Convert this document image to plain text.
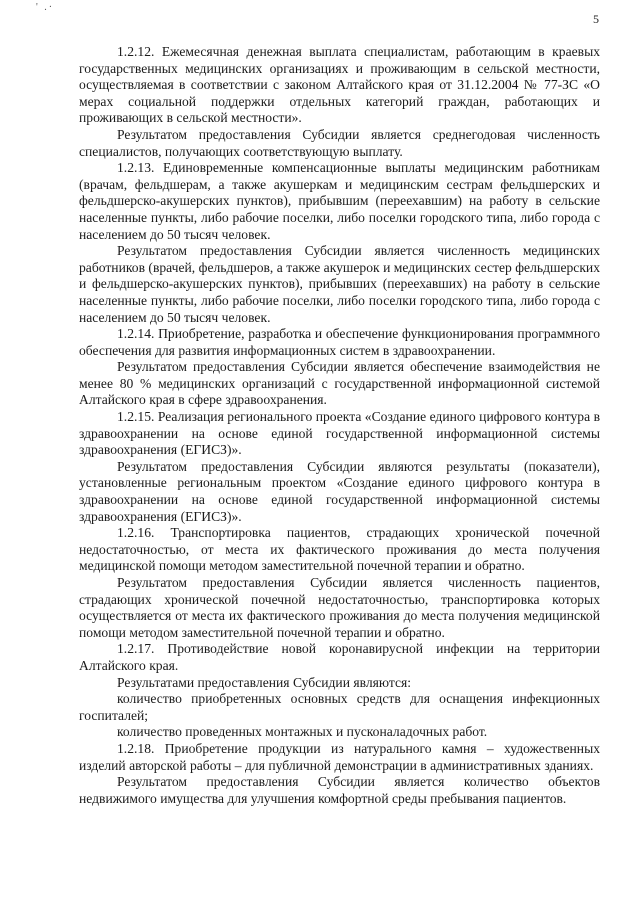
' .·
5

1.2.12. Ежемесячная денежная выплата специалистам, работающим в краевых государственных медицинских организациях и проживающим в сельской местности, осуществляемая в соответствии с законом Алтайского края от 31.12.2004 № 77-ЗС «О мерах социальной поддержки отдельных категорий граждан, работающих и проживающих в сельской местности».

Результатом предоставления Субсидии является среднегодовая численность специалистов, получающих соответствующую выплату.

1.2.13. Единовременные компенсационные выплаты медицинским работникам (врачам, фельдшерам, а также акушеркам и медицинским сестрам фельдшерских и фельдшерско-акушерских пунктов), прибывшим (переехавшим) на работу в сельские населенные пункты, либо рабочие поселки, либо поселки городского типа, либо города с населением до 50 тысяч человек.

Результатом предоставления Субсидии является численность медицинских работников (врачей, фельдшеров, а также акушерок и медицинских сестер фельдшерских и фельдшерско-акушерских пунктов), прибывших (переехавших) на работу в сельские населенные пункты, либо рабочие поселки, либо поселки городского типа, либо города с населением до 50 тысяч человек.

1.2.14. Приобретение, разработка и обеспечение функционирования программного обеспечения для развития информационных систем в здравоохранении.

Результатом предоставления Субсидии является обеспечение взаимодействия не менее 80 % медицинских организаций с государственной информационной системой Алтайского края в сфере здравоохранения.

1.2.15. Реализация регионального проекта «Создание единого цифрового контура в здравоохранении на основе единой государственной информационной системы здравоохранения (ЕГИСЗ)».

Результатом предоставления Субсидии являются результаты (показатели), установленные региональным проектом «Создание единого цифрового контура в здравоохранении на основе единой государственной информационной системы здравоохранения (ЕГИСЗ)».

1.2.16. Транспортировка пациентов, страдающих хронической почечной недостаточностью, от места их фактического проживания до места получения медицинской помощи методом заместительной почечной терапии и обратно.

Результатом предоставления Субсидии является численность пациентов, страдающих хронической почечной недостаточностью, транспортировка которых осуществляется от места их фактического проживания до места получения медицинской помощи методом заместительной почечной терапии и обратно.

1.2.17. Противодействие новой коронавирусной инфекции на территории Алтайского края.

Результатами предоставления Субсидии являются:

количество приобретенных основных средств для оснащения инфекционных госпиталей;

количество проведенных монтажных и пусконаладочных работ.

1.2.18. Приобретение продукции из натурального камня – художественных изделий авторской работы – для публичной демонстрации в административных зданиях.

Результатом предоставления Субсидии является количество объектов недвижимого имущества для улучшения комфортной среды пребывания пациентов.
